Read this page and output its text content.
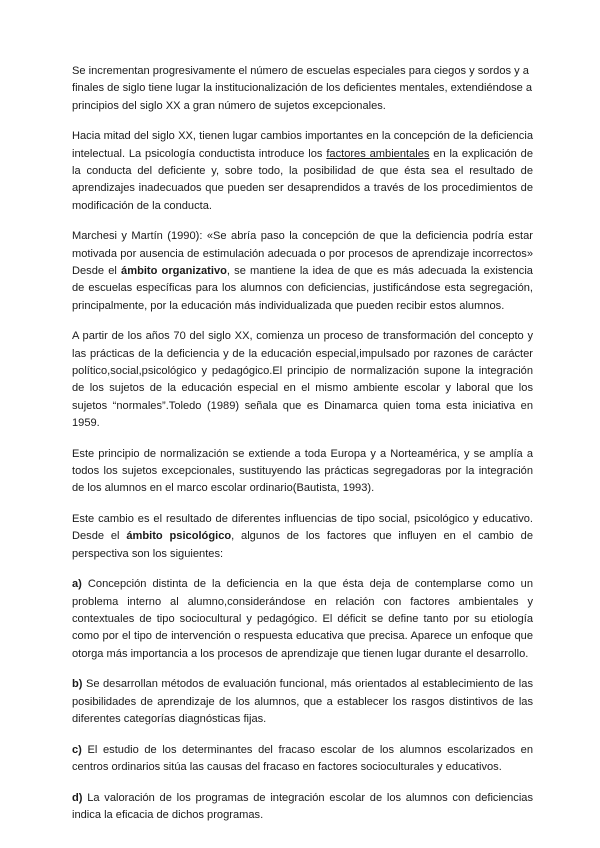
Se incrementan progresivamente el número de escuelas especiales para ciegos y sordos y a finales de siglo tiene lugar la institucionalización de los deficientes mentales, extendiéndose a principios del siglo XX a gran número de sujetos excepcionales.

Hacia mitad del siglo XX, tienen lugar cambios importantes en la concepción de la deficiencia intelectual. La psicología conductista introduce los factores ambientales en la explicación de la conducta del deficiente y, sobre todo, la posibilidad de que ésta sea el resultado de aprendizajes inadecuados que pueden ser desaprendidos a través de los procedimientos de modificación de la conducta.

Marchesi y Martín (1990): «Se abría paso la concepción de que la deficiencia podría estar motivada por ausencia de estimulación adecuada o por procesos de aprendizaje incorrectos» Desde el ámbito organizativo, se mantiene la idea de que es más adecuada la existencia de escuelas específicas para los alumnos con deficiencias, justificándose esta segregación, principalmente, por la educación más individualizada que pueden recibir estos alumnos.

A partir de los años 70 del siglo XX, comienza un proceso de transformación del concepto y las prácticas de la deficiencia y de la educación especial,impulsado por razones de carácter político,social,psicológico y pedagógico.El principio de normalización supone la integración de los sujetos de la educación especial en el mismo ambiente escolar y laboral que los sujetos “normales”.Toledo (1989) señala que es Dinamarca quien toma esta iniciativa en 1959.

Este principio de normalización se extiende a toda Europa y a Norteamérica, y se amplía a todos los sujetos excepcionales, sustituyendo las prácticas segregadoras por la integración de los alumnos en el marco escolar ordinario(Bautista, 1993).

Este cambio es el resultado de diferentes influencias de tipo social, psicológico y educativo. Desde el ámbito psicológico, algunos de los factores que influyen en el cambio de perspectiva son los siguientes:

a) Concepción distinta de la deficiencia en la que ésta deja de contemplarse como un problema interno al alumno,considerándose en relación con factores ambientales y contextuales de tipo sociocultural y pedagógico. El déficit se define tanto por su etiología como por el tipo de intervención o respuesta educativa que precisa. Aparece un enfoque que otorga más importancia a los procesos de aprendizaje que tienen lugar durante el desarrollo.

b) Se desarrollan métodos de evaluación funcional, más orientados al establecimiento de las posibilidades de aprendizaje de los alumnos, que a establecer los rasgos distintivos de las diferentes categorías diagnósticas fijas.

c) El estudio de los determinantes del fracaso escolar de los alumnos escolarizados en centros ordinarios sitúa las causas del fracaso en factores socioculturales y educativos.

d) La valoración de los programas de integración escolar de los alumnos con deficiencias indica la eficacia de dichos programas.
